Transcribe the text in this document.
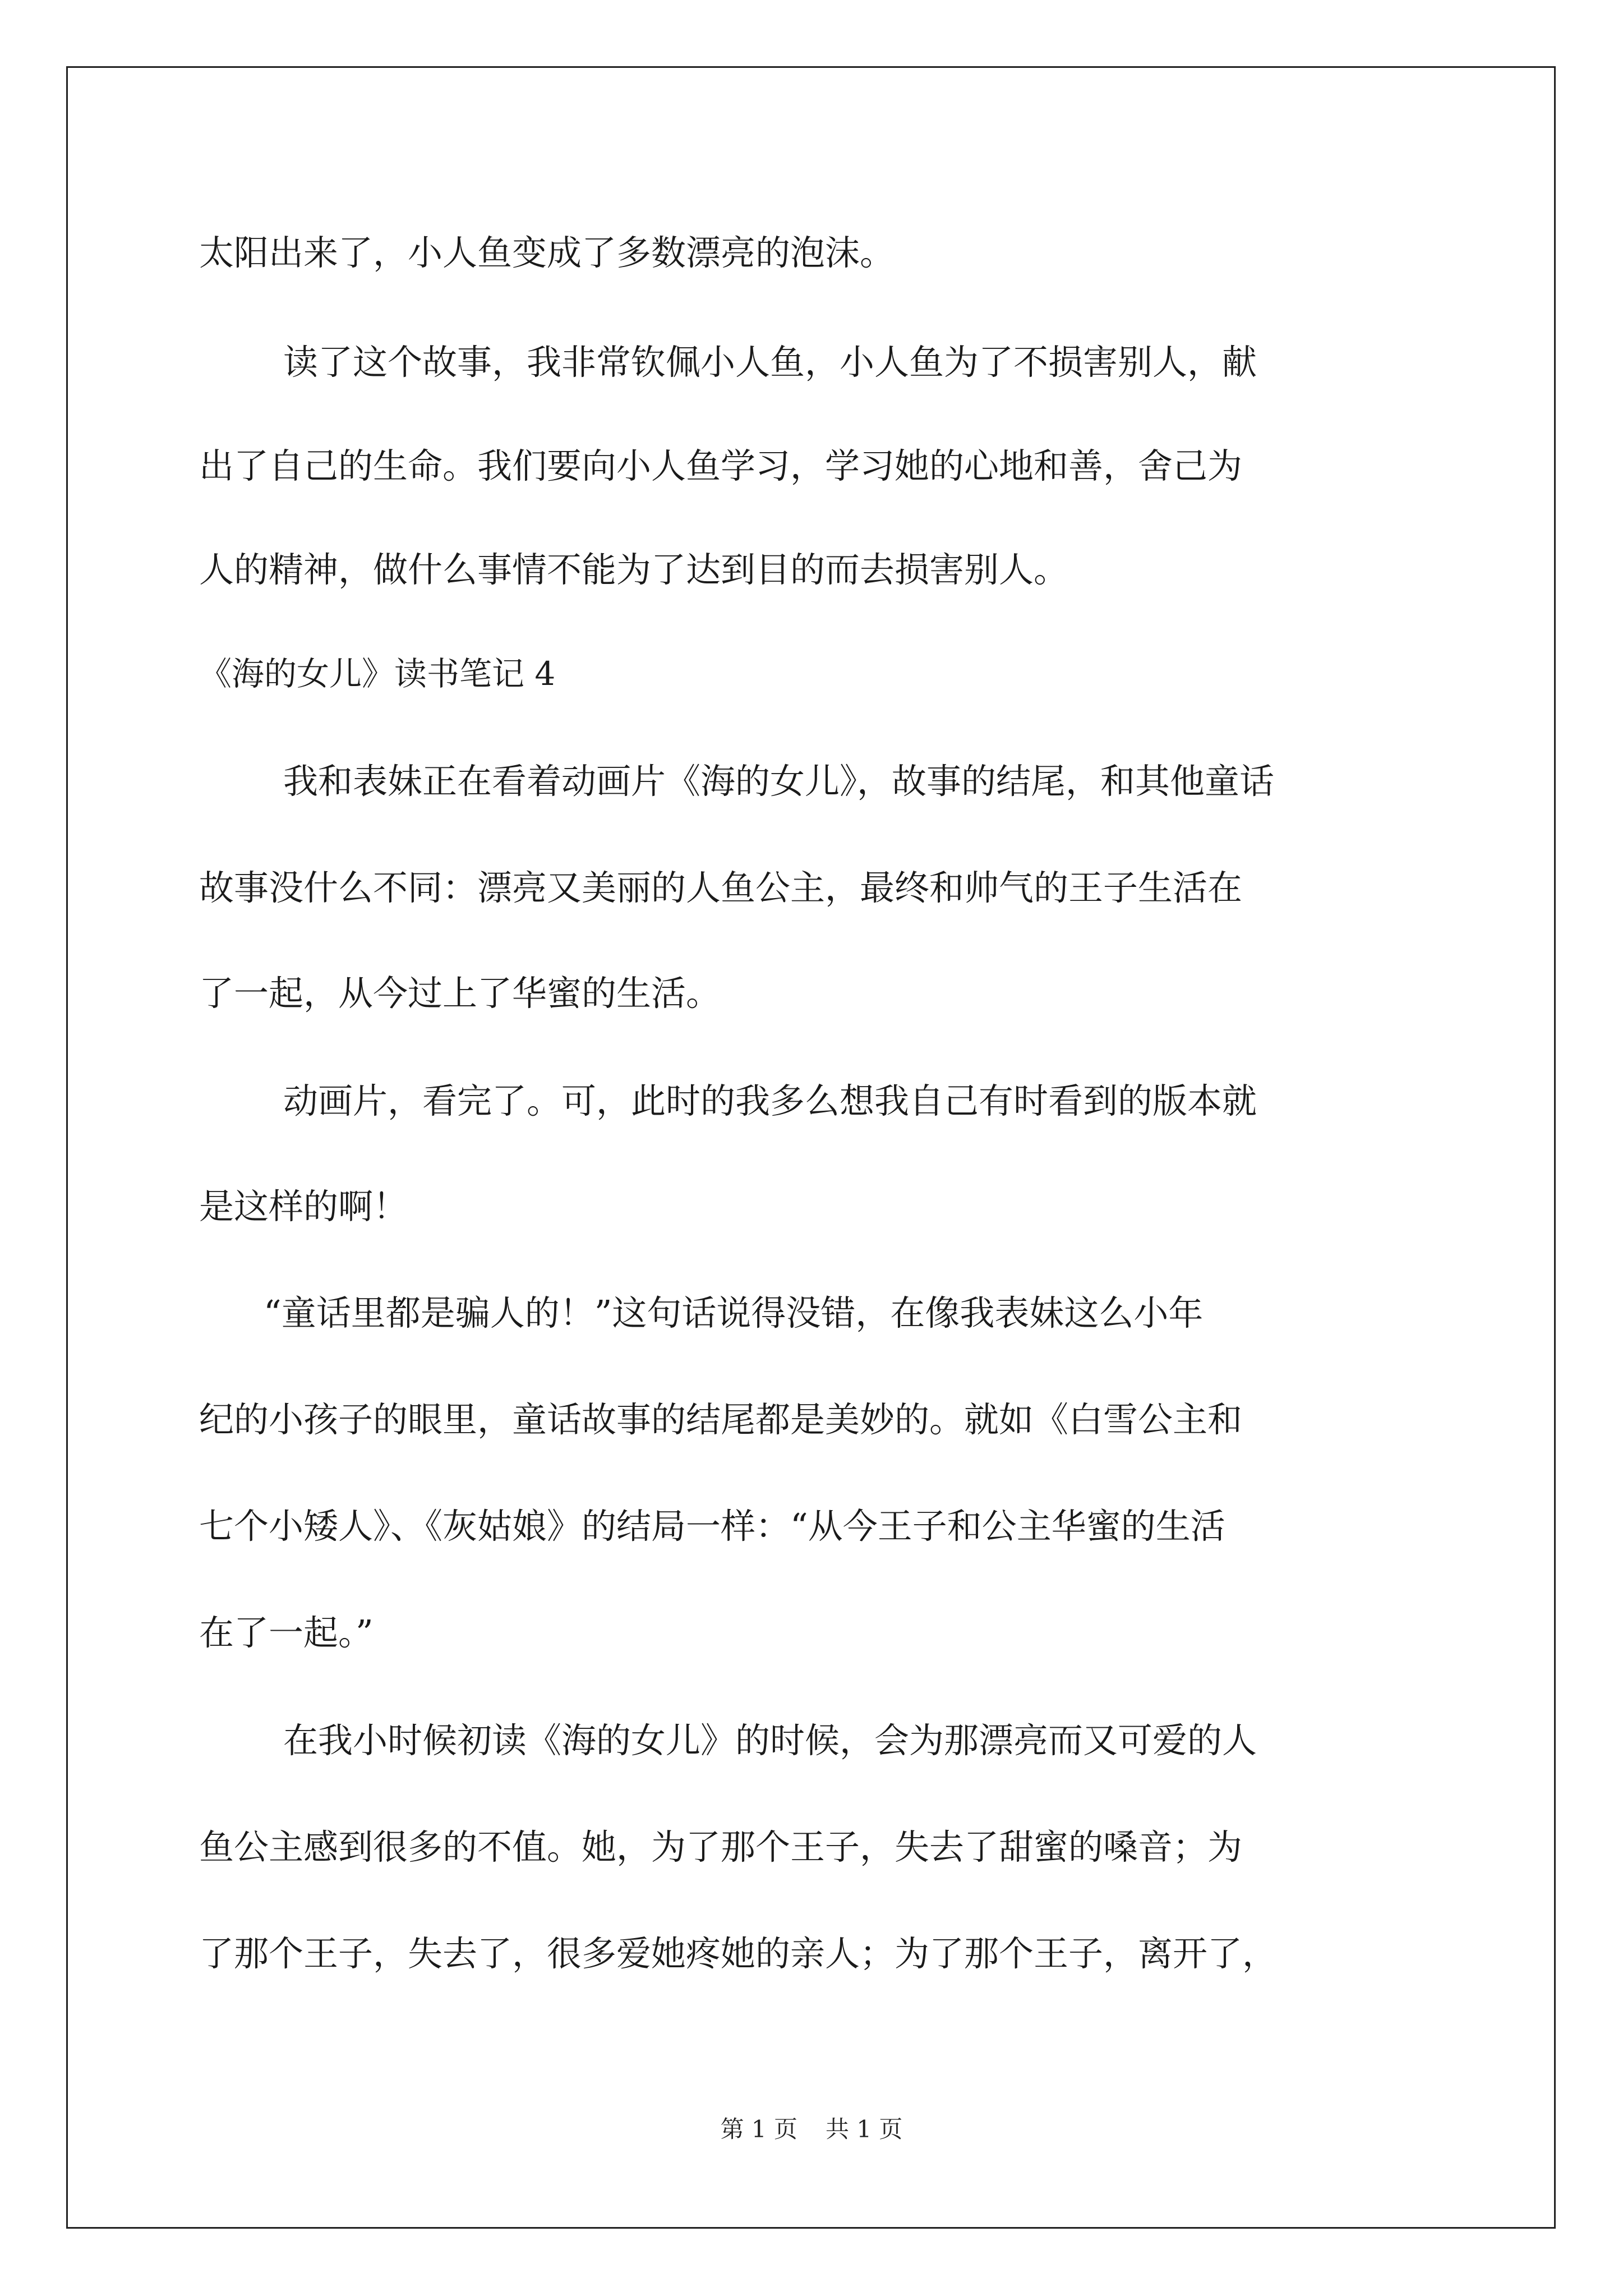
太阳出来了，小人鱼变成了多数漂亮的泡沫。
读了这个故事，我非常钦佩小人鱼，小人鱼为了不损害别人，献
出了自己的生命。我们要向小人鱼学习，学习她的心地和善，舍己为
人的精神，做什么事情不能为了达到目的而去损害别人。
《海的女儿》读书笔记 4
我和表妹正在看着动画片《海的女儿》，故事的结尾，和其他童话
故事没什么不同：漂亮又美丽的人鱼公主，最终和帅气的王子生活在
了一起，从今过上了华蜜的生活。
动画片，看完了。可，此时的我多么想我自己有时看到的版本就
是这样的啊！
“童话里都是骗人的！”这句话说得没错，在像我表妹这么小年
纪的小孩子的眼里，童话故事的结尾都是美妙的。就如《白雪公主和
七个小矮人》、《灰姑娘》的结局一样：“从今王子和公主华蜜的生活
在了一起。”
在我小时候初读《海的女儿》的时候，会为那漂亮而又可爱的人
鱼公主感到很多的不值。她，为了那个王子，失去了甜蜜的嗓音；为
了那个王子，失去了，很多爱她疼她的亲人；为了那个王子，离开了，
第 1 页 共 1 页
